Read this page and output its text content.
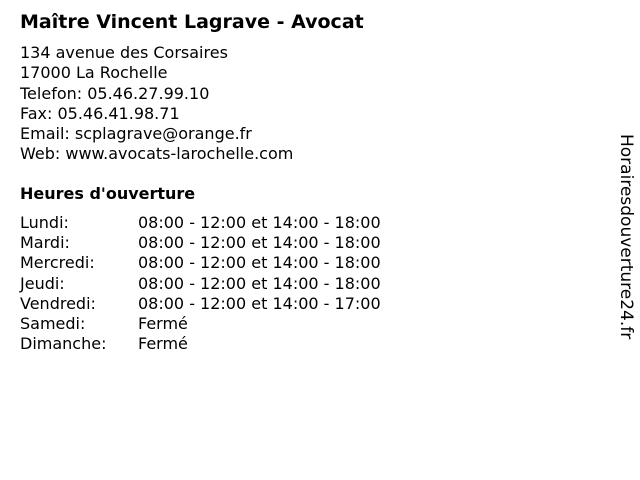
Maître Vincent Lagrave - Avocat
134 avenue des Corsaires
17000 La Rochelle
Telefon: 05.46.27.99.10
Fax: 05.46.41.98.71
Email: scplagrave@orange.fr
Web: www.avocats-larochelle.com
Heures d'ouverture
Lundi:	08:00 - 12:00 et 14:00 - 18:00
Mardi:	08:00 - 12:00 et 14:00 - 18:00
Mercredi:	08:00 - 12:00 et 14:00 - 18:00
Jeudi:	08:00 - 12:00 et 14:00 - 18:00
Vendredi:	08:00 - 12:00 et 14:00 - 17:00
Samedi:	Fermé
Dimanche: Fermé
Horairesdouverture24.fr
